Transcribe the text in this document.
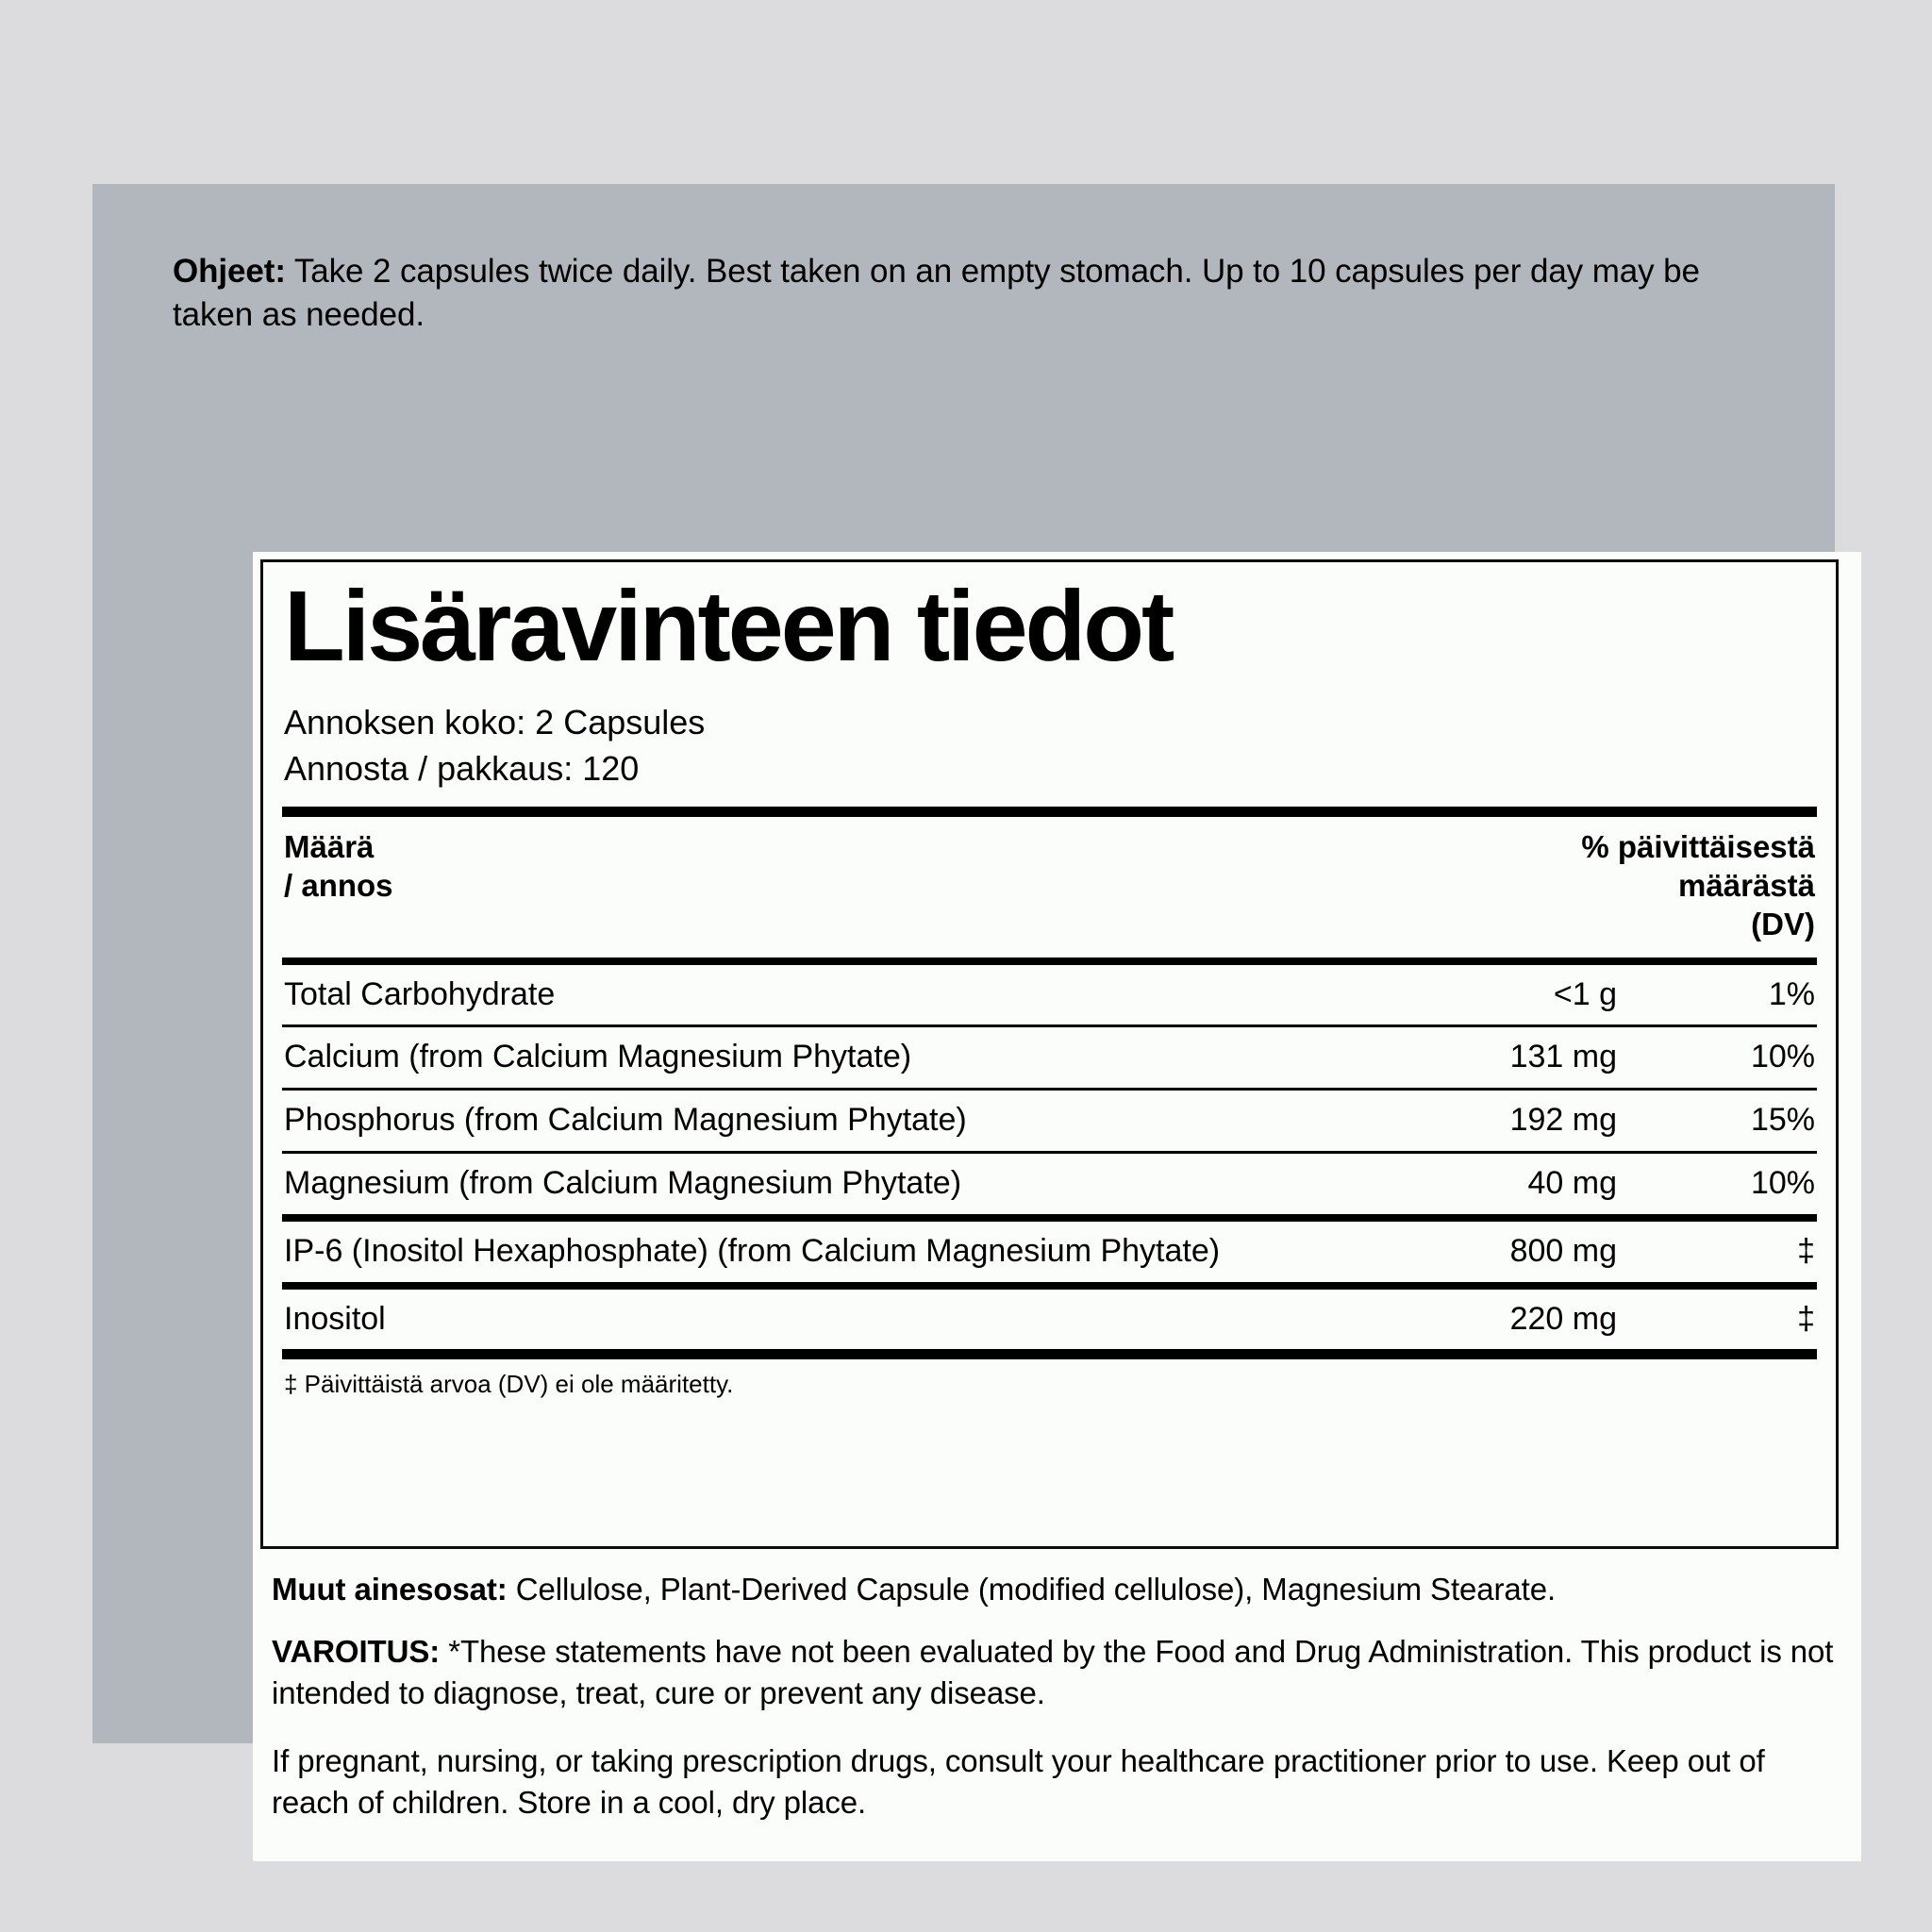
Ohjeet: Take 2 capsules twice daily. Best taken on an empty stomach. Up to 10 capsules per day may be taken as needed.
Lisäravinteen tiedot
Annoksen koko: 2 Capsules
Annosta / pakkaus: 120
Määrä
/ annos
% päivittäisestä
määrästä
(DV)
Total Carbohydrate	<1 g	1%
Calcium (from Calcium Magnesium Phytate)	131 mg	10%
Phosphorus (from Calcium Magnesium Phytate)	192 mg	15%
Magnesium (from Calcium Magnesium Phytate)	40 mg	10%
IP-6 (Inositol Hexaphosphate) (from Calcium Magnesium Phytate)	800 mg	‡
Inositol	220 mg	‡
‡ Päivittäistä arvoa (DV) ei ole määritetty.

Muut ainesosat: Cellulose, Plant-Derived Capsule (modified cellulose), Magnesium Stearate.

VAROITUS: *These statements have not been evaluated by the Food and Drug Administration. This product is not intended to diagnose, treat, cure or prevent any disease.

If pregnant, nursing, or taking prescription drugs, consult your healthcare practitioner prior to use. Keep out of reach of children. Store in a cool, dry place.
